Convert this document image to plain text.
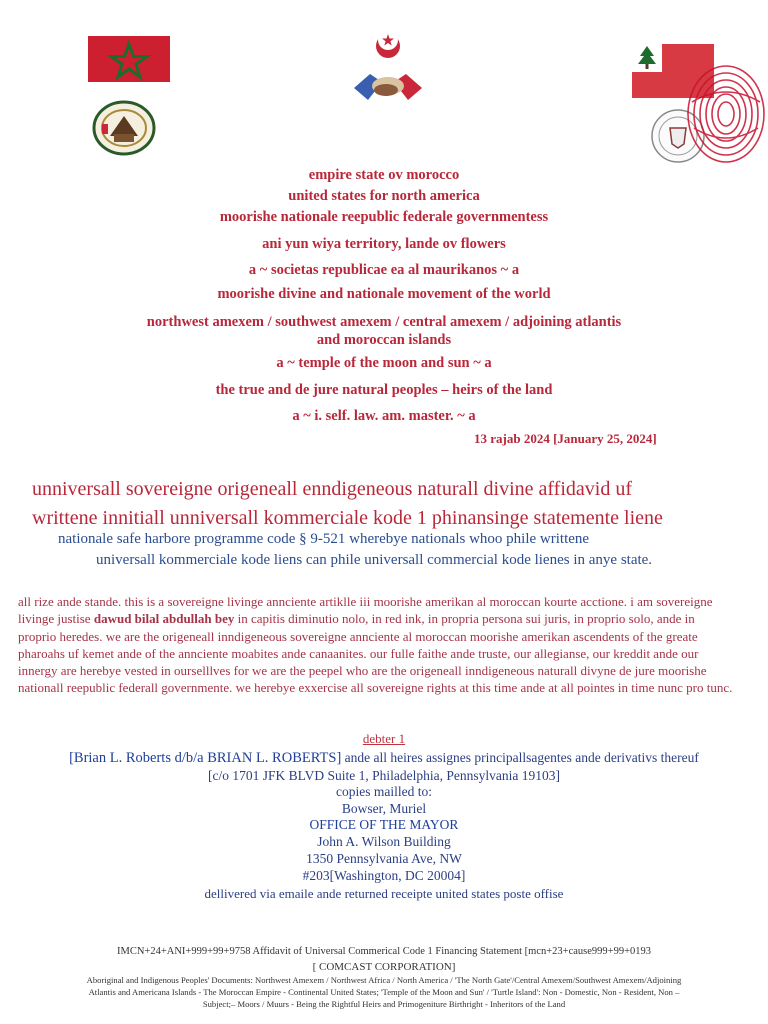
empire state ov morocco
united states for north america
moorishe nationale reepublic federale governmentess
ani yun wiya territory, lande ov flowers
a ~ societas republicae ea al maurikanos ~ a
moorishe divine and nationale movement of the world
northwest amexem / southwest amexem / central amexem / adjoining atlantis
and moroccan islands
a ~ temple of the moon and sun ~ a
the true and de jure natural peoples – heirs of the land
a ~ i. self. law. am. master. ~ a
13 rajab 2024 [January 25, 2024]
unniversall sovereigne origeneall enndigeneous naturall divine affidavid uf
writtene innitiall unniversall kommerciale kode 1 phinansinge statemente liene
nationale safe harbore programme code § 9-521 wherebye nationals whoo phile writtene
universall kommerciale kode liens can phile universall commercial kode lienes in anye state.
all rize ande stande. this is a sovereigne livinge annciente artiklle iii moorishe amerikan al moroccan kourte acctione. i am sovereigne livinge justise dawud bilal abdullah bey in capitis diminutio nolo, in red ink, in propria persona sui juris, in proprio solo, ande in proprio heredes. we are the origeneall inndigeneous sovereigne annciente al moroccan moorishe amerikan ascendents of the greate pharoahs uf kemet ande of the annciente moabites ande canaanites. our fulle faithe ande truste, our allegianse, our kreddit ande our innergy are herebye vested in ourselllves for we are the peepel who are the origeneall inndigeneous naturall divyne de jure moorishe nationall reepublic federall governmente. we herebye exxercise all sovereigne rights at this time ande at all pointes in time nunc pro tunc.
debter 1
[Brian L. Roberts d/b/a BRIAN L. ROBERTS] ande all heires assignes principallsagentes ande derivativs thereuf
[c/o 1701 JFK BLVD Suite 1, Philadelphia, Pennsylvania 19103]
copies mailled to:
Bowser, Muriel
OFFICE OF THE MAYOR
John A. Wilson Building
1350 Pennsylvania Ave, NW
#203[Washington, DC 20004]
dellivered via emaile ande returned receipte united states poste offise
IMCN+24+ANI+999+99+9758 Affidavit of Universal Commerical Code 1 Financing Statement [mcn+23+cause999+99+0193
[ COMCAST CORPORATION]
Aboriginal and Indigenous Peoples' Documents: Northwest Amexem / Northwest Africa / North America / 'The North Gate'/Central Amexem/Southwest Amexem/Adjoining
Atlantis and Americana Islands - The Moroccan Empire - Continental United States; 'Temple of the Moon and Sun' / 'Turtle Island': Non - Domestic, Non - Resident, Non –
Subject;– Moors / Muurs - Being the Rightful Heirs and Primogeniture Birthright - Inheritors of the Land
